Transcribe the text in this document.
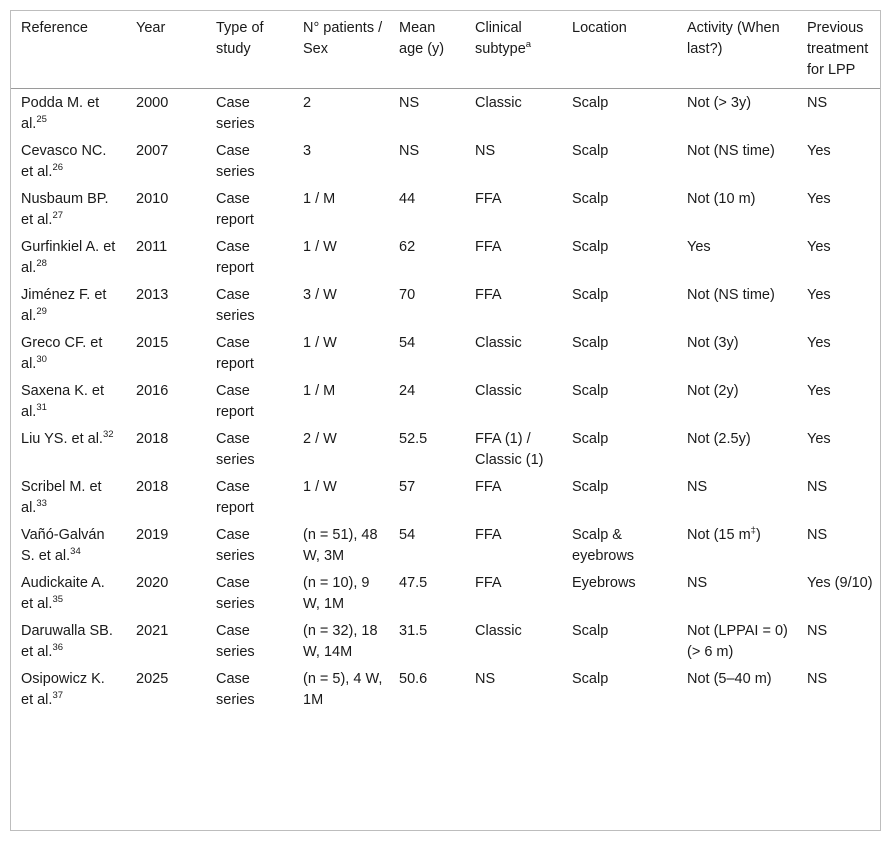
Reference	Year	Type of study	N° patients / Sex	Mean age (y)	Clinical subtype$^a$	Location	Activity (When last?)	Previous treatment for LPP
Podda M. et al.$^{25}$	2000	Case series	2	NS	Classic	Scalp	Not (> 3y)	NS
Cevasco NC. et al.$^{26}$	2007	Case series	3	NS	NS	Scalp	Not (NS time)	Yes
Nusbaum BP. et al.$^{27}$	2010	Case report	1 / M	44	FFA	Scalp	Not (10 m)	Yes
Gurfinkiel A. et al.$^{28}$	2011	Case report	1 / W	62	FFA	Scalp	Yes	Yes
Jiménez F. et al.$^{29}$	2013	Case series	3 / W	70	FFA	Scalp	Not (NS time)	Yes
Greco CF. et al.$^{30}$	2015	Case report	1 / W	54	Classic	Scalp	Not (3y)	Yes
Saxena K. et al.$^{31}$	2016	Case report	1 / M	24	Classic	Scalp	Not (2y)	Yes
Liu YS. et al.$^{32}$	2018	Case series	2 / W	52.5	FFA (1) / Classic (1)	Scalp	Not (2.5y)	Yes
Scribel M. et al.$^{33}$	2018	Case report	1 / W	57	FFA	Scalp	NS	NS
Vañó-Galván S. et al.$^{34}$	2019	Case series	(n = 51), 48 W, 3M	54	FFA	Scalp & eyebrows	Not (15 m‡)	NS
Audickaite A. et al.$^{35}$	2020	Case series	(n = 10), 9 W, 1M	47.5	FFA	Eyebrows	NS	Yes (9/10)
Daruwalla SB. et al.$^{36}$	2021	Case series	(n = 32), 18 W, 14M	31.5	Classic	Scalp	Not (LPPAI = 0) (> 6 m)	NS
Osipowicz K. et al.$^{37}$	2025	Case series	(n = 5), 4 W, 1M	50.6	NS	Scalp	Not (5–40 m)	NS
